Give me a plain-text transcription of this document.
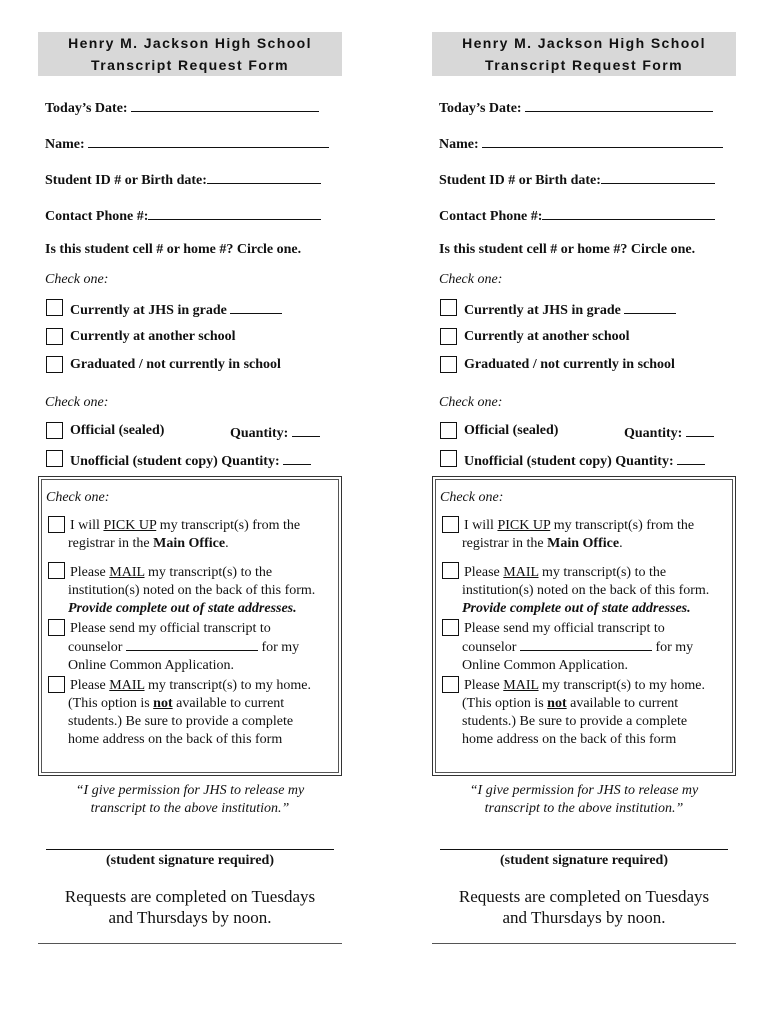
Henry M. Jackson High School
Transcript Request Form
Today’s Date:
Name:
Student ID # or Birth date:
Contact Phone #:
Is this student cell # or home #? Circle one.
Check one:
Currently at JHS in grade
Currently at another school
Graduated / not currently in school
Check one:
Official (sealed)	Quantity:
Unofficial (student copy) Quantity:
Check one:
I will PICK UP my transcript(s) from the
registrar in the Main Office.
Please MAIL my transcript(s) to the
institution(s) noted on the back of this form.
Provide complete out of state addresses.
Please send my official transcript to
counselor	for my
Online Common Application.
Please MAIL my transcript(s) to my home.
(This option is not available to current
students.) Be sure to provide a complete
home address on the back of this form
“I give permission for JHS to release my
transcript to the above institution.”
(student signature required)
Requests are completed on Tuesdays
and Thursdays by noon.
Henry M. Jackson High School
Transcript Request Form
Today’s Date:
Name:
Student ID # or Birth date:
Contact Phone #:
Is this student cell # or home #? Circle one.
Check one:
Currently at JHS in grade
Currently at another school
Graduated / not currently in school
Check one:
Official (sealed)	Quantity:
Unofficial (student copy) Quantity:
Check one:
I will PICK UP my transcript(s) from the
registrar in the Main Office.
Please MAIL my transcript(s) to the
institution(s) noted on the back of this form.
Provide complete out of state addresses.
Please send my official transcript to
counselor	for my
Online Common Application.
Please MAIL my transcript(s) to my home.
(This option is not available to current
students.) Be sure to provide a complete
home address on the back of this form
“I give permission for JHS to release my
transcript to the above institution.”
(student signature required)
Requests are completed on Tuesdays
and Thursdays by noon.
